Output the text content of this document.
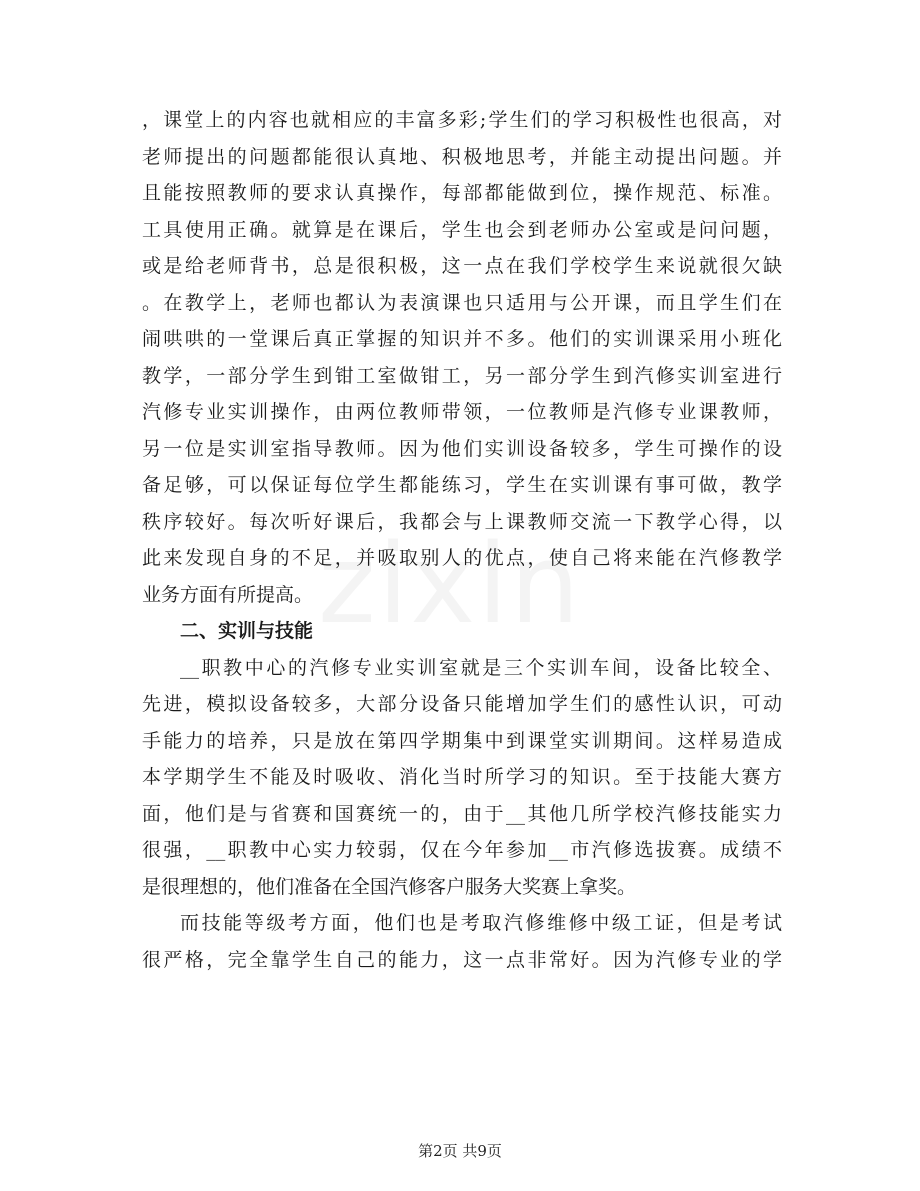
，课堂上的内容也就相应的丰富多彩;学生们的学习积极性也很高，对
老师提出的问题都能很认真地、积极地思考，并能主动提出问题。并
且能按照教师的要求认真操作，每部都能做到位，操作规范、标准。
工具使用正确。就算是在课后，学生也会到老师办公室或是问问题，
或是给老师背书，总是很积极，这一点在我们学校学生来说就很欠缺
。在教学上，老师也都认为表演课也只适用与公开课，而且学生们在
闹哄哄的一堂课后真正掌握的知识并不多。他们的实训课采用小班化
教学，一部分学生到钳工室做钳工，另一部分学生到汽修实训室进行
汽修专业实训操作，由两位教师带领，一位教师是汽修专业课教师，
另一位是实训室指导教师。因为他们实训设备较多，学生可操作的设
备足够，可以保证每位学生都能练习，学生在实训课有事可做，教学
秩序较好。每次听好课后，我都会与上课教师交流一下教学心得，以
此来发现自身的不足，并吸取别人的优点，使自己将来能在汽修教学
业务方面有所提高。
二、实训与技能
__职教中心的汽修专业实训室就是三个实训车间，设备比较全、
先进，模拟设备较多，大部分设备只能增加学生们的感性认识，可动
手能力的培养，只是放在第四学期集中到课堂实训期间。这样易造成
本学期学生不能及时吸收、消化当时所学习的知识。至于技能大赛方
面，他们是与省赛和国赛统一的，由于__其他几所学校汽修技能实力
很强，__职教中心实力较弱，仅在今年参加__市汽修选拔赛。成绩不
是很理想的，他们准备在全国汽修客户服务大奖赛上拿奖。
而技能等级考方面，他们也是考取汽修维修中级工证，但是考试
很严格，完全靠学生自己的能力，这一点非常好。因为汽修专业的学
第2页 共9页
